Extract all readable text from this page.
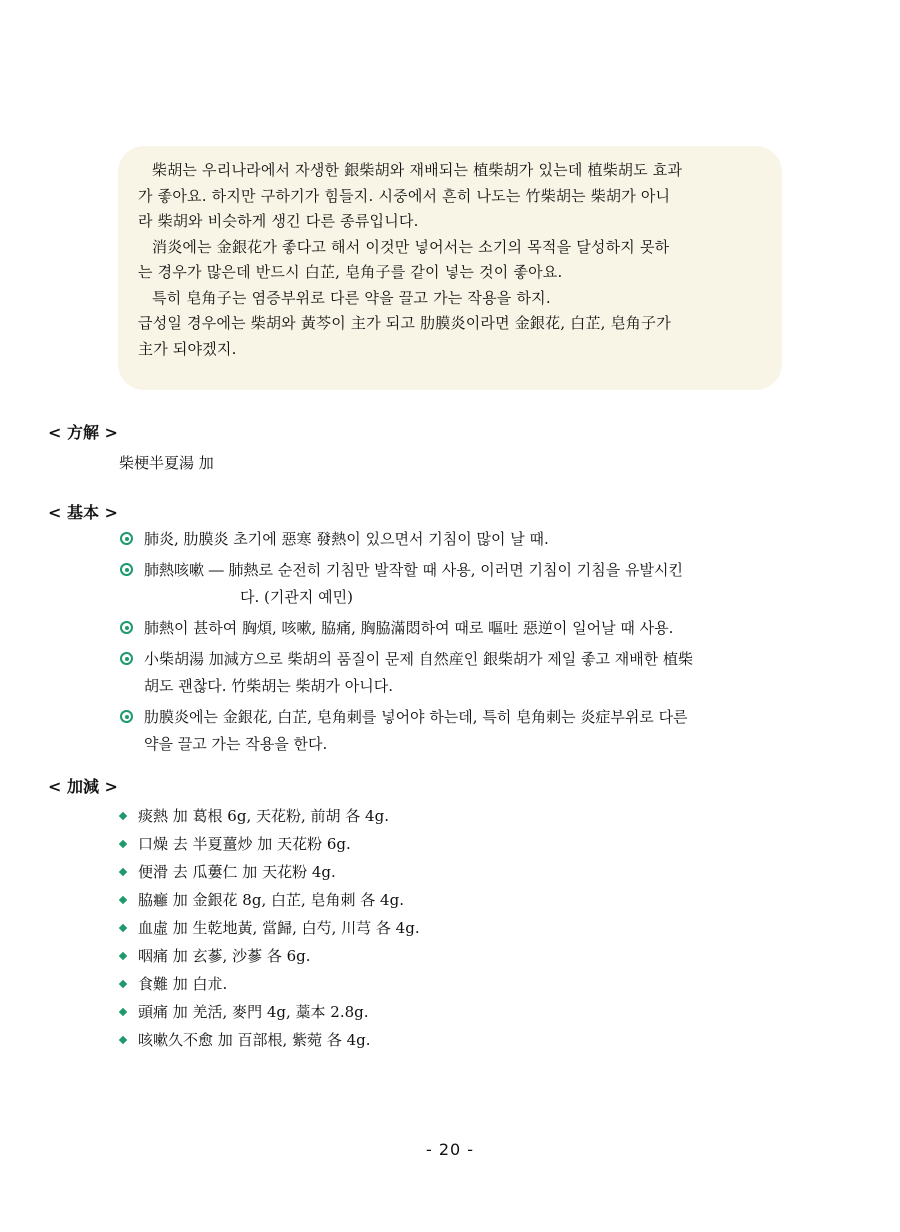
柴胡는 우리나라에서 자생한 銀柴胡와 재배되는 植柴胡가 있는데 植柴胡도 효과
가 좋아요. 하지만 구하기가 힘들지. 시중에서 흔히 나도는 竹柴胡는 柴胡가 아니
라 柴胡와 비슷하게 생긴 다른 종류입니다.
消炎에는 金銀花가 좋다고 해서 이것만 넣어서는 소기의 목적을 달성하지 못하
는 경우가 많은데 반드시 白芷, 皂角子를 같이 넣는 것이 좋아요.
특히 皂角子는 염증부위로 다른 약을 끌고 가는 작용을 하지.
급성일 경우에는 柴胡와 黃芩이 主가 되고 肋膜炎이라면 金銀花, 白芷, 皂角子가
主가 되야겠지.
< 方解 >
柴梗半夏湯 加
< 基本 >
肺炎, 肋膜炎 초기에 惡寒 發熱이 있으면서 기침이 많이 날 때.
肺熱咳嗽 ― 肺熱로 순전히 기침만 발작할 때 사용, 이러면 기침이 기침을 유발시킨
다. (기관지 예민)
肺熱이 甚하여 胸煩, 咳嗽, 脇痛, 胸脇滿悶하여 때로 嘔吐 惡逆이 일어날 때 사용.
小柴胡湯 加減方으로 柴胡의 품질이 문제 自然産인 銀柴胡가 제일 좋고 재배한 植柴
胡도 괜찮다. 竹柴胡는 柴胡가 아니다.
肋膜炎에는 金銀花, 白芷, 皂角刺를 넣어야 하는데, 특히 皂角刺는 炎症부위로 다른
약을 끌고 가는 작용을 한다.
< 加減 >
痰熱 加 葛根 6g, 天花粉, 前胡 各 4g.
口燥 去 半夏薑炒 加 天花粉 6g.
便滑 去 瓜蔞仁 加 天花粉 4g.
脇癰 加 金銀花 8g, 白芷, 皂角刺 各 4g.
血虛 加 生乾地黃, 當歸, 白芍, 川芎 各 4g.
咽痛 加 玄蔘, 沙蔘 各 6g.
食難 加 白朮.
頭痛 加 羌活, 麥門 4g, 藁本 2.8g.
咳嗽久不愈 加 百部根, 紫菀 各 4g.
- 20 -
